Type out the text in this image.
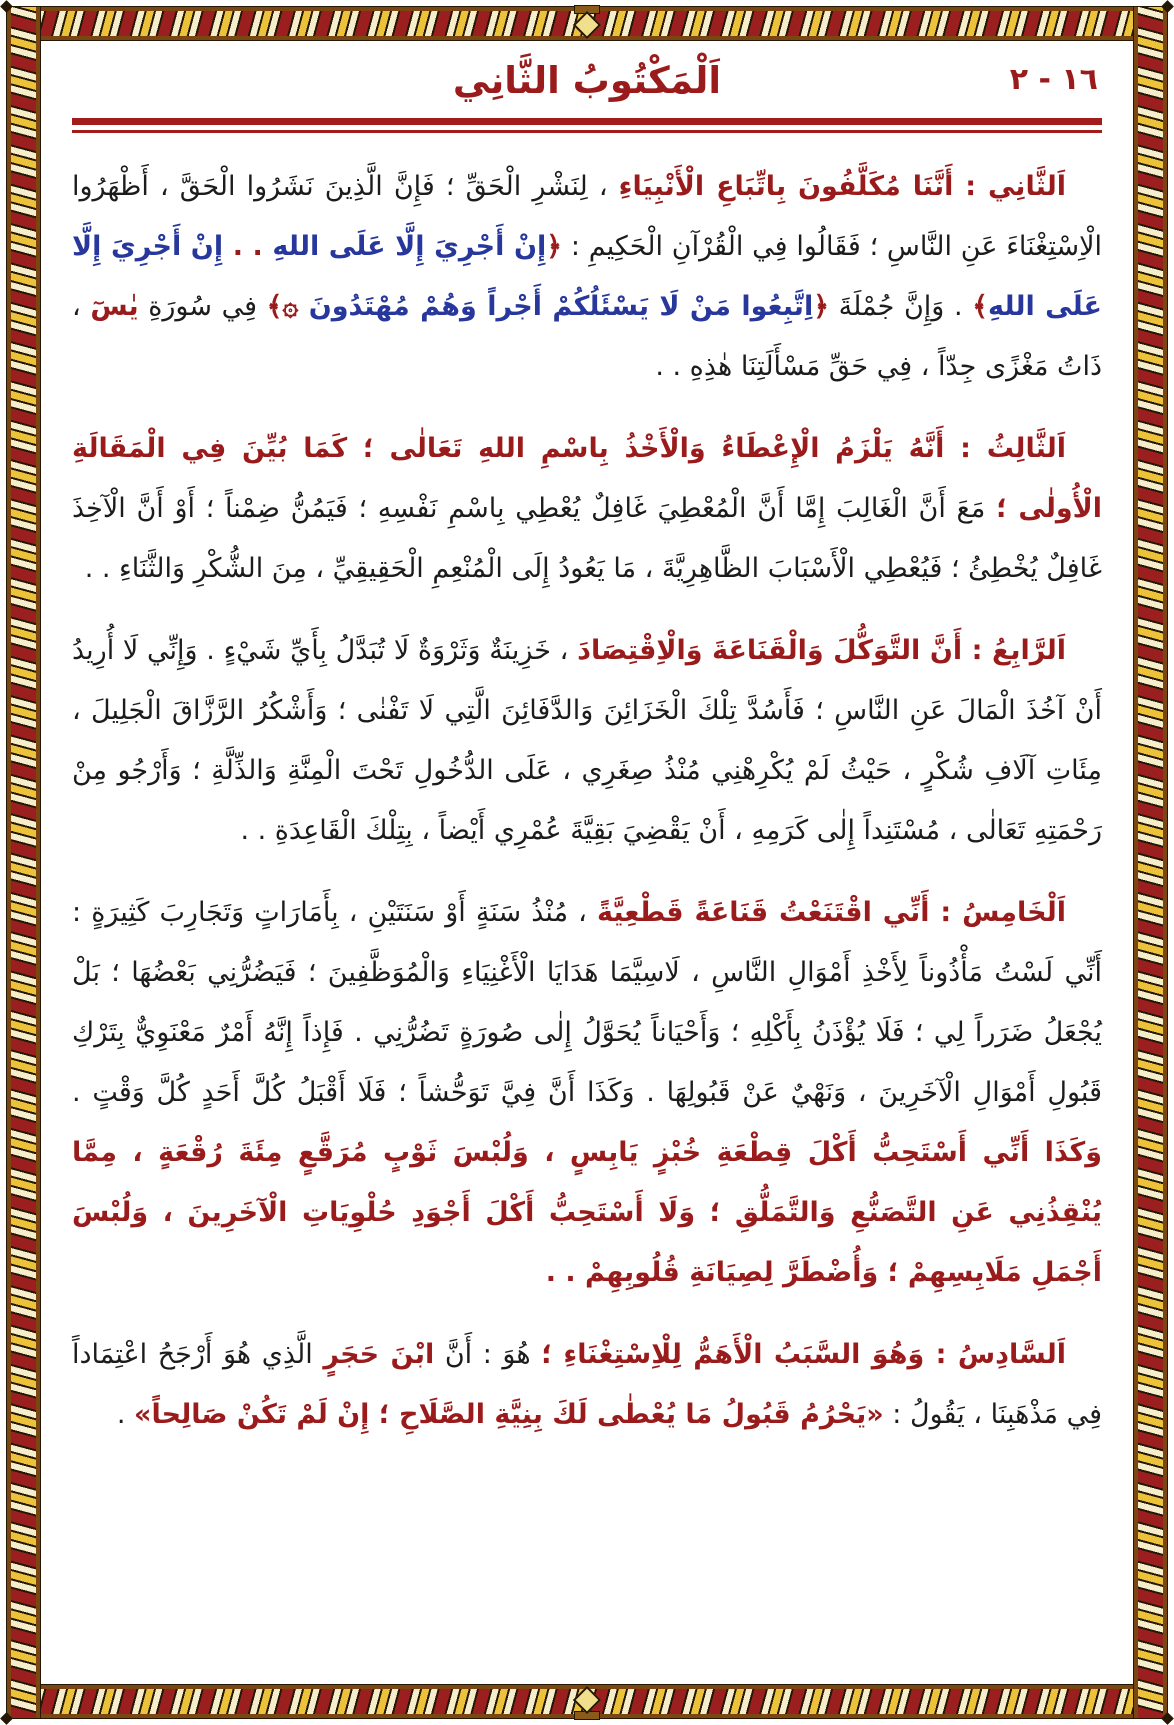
١٦ - ٢
اَلْمَكْتُوبُ الثَّانِي

اَلثَّانِي : أَنَّنَا مُكَلَّفُونَ بِاتِّبَاعِ الْأَنْبِيَاءِ ، لِنَشْرِ الْحَقِّ ؛ فَإِنَّ الَّذِينَ نَشَرُوا الْحَقَّ ، أَظْهَرُوا الْاِسْتِغْنَاءَ عَنِ النَّاسِ ؛ فَقَالُوا فِي الْقُرْآنِ الْحَكِيمِ : ﴿إِنْ أَجْرِيَ إِلَّا عَلَى اللهِ . . إِنْ أَجْرِيَ إِلَّا عَلَى اللهِ﴾ . وَإِنَّ جُمْلَةَ ﴿اِتَّبِعُوا مَنْ لَا يَسْئَلُكُمْ أَجْراً وَهُمْ مُهْتَدُونَ ۞﴾ فِي سُورَةِ يٰسٓ ، ذَاتُ مَغْزًى جِدّاً ، فِي حَقِّ مَسْأَلَتِنَا هٰذِهِ . .

اَلثَّالِثُ : أَنَّهُ يَلْزَمُ الْإِعْطَاءُ وَالْأَخْذُ بِاسْمِ اللهِ تَعَالٰى ؛ كَمَا بُيِّنَ فِي الْمَقَالَةِ الْأُولٰى ؛ مَعَ أَنَّ الْغَالِبَ إِمَّا أَنَّ الْمُعْطِيَ غَافِلٌ يُعْطِي بِاسْمِ نَفْسِهِ ؛ فَيَمُنُّ ضِمْناً ؛ أَوْ أَنَّ الْآخِذَ غَافِلٌ يُخْطِئُ ؛ فَيُعْطِي الْأَسْبَابَ الظَّاهِرِيَّةَ ، مَا يَعُودُ إِلَى الْمُنْعِمِ الْحَقِيقِيِّ ، مِنَ الشُّكْرِ وَالثَّنَاءِ . .

اَلرَّابِعُ : أَنَّ التَّوَكُّلَ وَالْقَنَاعَةَ وَالْاِقْتِصَادَ ، خَزِينَةٌ وَثَرْوَةٌ لَا تُبَدَّلُ بِأَيِّ شَيْءٍ . وَإِنِّي لَا أُرِيدُ أَنْ آخُذَ الْمَالَ عَنِ النَّاسِ ؛ فَأَسُدَّ تِلْكَ الْخَزَائِنَ وَالدَّفَائِنَ الَّتِي لَا تَفْنٰى ؛ وَأَشْكُرُ الرَّزَّاقَ الْجَلِيلَ ، مِئَاتِ آلَافِ شُكْرٍ ، حَيْثُ لَمْ يُكْرِهْنِي مُنْذُ صِغَرِي ، عَلَى الدُّخُولِ تَحْتَ الْمِنَّةِ وَالذِّلَّةِ ؛ وَأَرْجُو مِنْ رَحْمَتِهِ تَعَالٰى ، مُسْتَنِداً إِلٰى كَرَمِهِ ، أَنْ يَقْضِيَ بَقِيَّةَ عُمْرِي أَيْضاً ، بِتِلْكَ الْقَاعِدَةِ . .

اَلْخَامِسُ : أَنِّي اقْتَنَعْتُ قَنَاعَةً قَطْعِيَّةً ، مُنْذُ سَنَةٍ أَوْ سَنَتَيْنِ ، بِأَمَارَاتٍ وَتَجَارِبَ كَثِيرَةٍ : أَنِّي لَسْتُ مَأْذُوناً لِأَخْذِ أَمْوَالِ النَّاسِ ، لَاسِيَّمَا هَدَايَا الْأَغْنِيَاءِ وَالْمُوَظَّفِينَ ؛ فَيَضُرُّنِي بَعْضُهَا ؛ بَلْ يُجْعَلُ ضَرَراً لِي ؛ فَلَا يُؤْذَنُ بِأَكْلِهِ ؛ وَأَحْيَاناً يُحَوَّلُ إِلٰى صُورَةٍ تَضُرُّنِي . فَإِذاً إِنَّهُ أَمْرٌ مَعْنَوِيٌّ بِتَرْكِ قَبُولِ أَمْوَالِ الْآخَرِينَ ، وَنَهْيٌ عَنْ قَبُولِهَا . وَكَذَا أَنَّ فِيَّ تَوَحُّشاً ؛ فَلَا أَقْبَلُ كُلَّ أَحَدٍ كُلَّ وَقْتٍ . وَكَذَا أَنِّي أَسْتَحِبُّ أَكْلَ قِطْعَةِ خُبْزٍ يَابِسٍ ، وَلُبْسَ ثَوْبٍ مُرَقَّعٍ مِئَةَ رُقْعَةٍ ، مِمَّا يُنْقِذُنِي عَنِ التَّصَنُّعِ وَالتَّمَلُّقِ ؛ وَلَا أَسْتَحِبُّ أَكْلَ أَجْوَدِ حُلْوِيَاتِ الْآخَرِينَ ، وَلُبْسَ أَجْمَلِ مَلَابِسِهِمْ ؛ وَأُضْطَرَّ لِصِيَانَةِ قُلُوبِهِمْ . .

اَلسَّادِسُ : وَهُوَ السَّبَبُ الْأَهَمُّ لِلْاِسْتِغْنَاءِ ؛ هُوَ : أَنَّ ابْنَ حَجَرٍ الَّذِي هُوَ أَرْجَحُ اعْتِمَاداً فِي مَذْهَبِنَا ، يَقُولُ : «يَحْرُمُ قَبُولُ مَا يُعْطٰى لَكَ بِنِيَّةِ الصَّلَاحِ ؛ إِنْ لَمْ تَكُنْ صَالِحاً» .
